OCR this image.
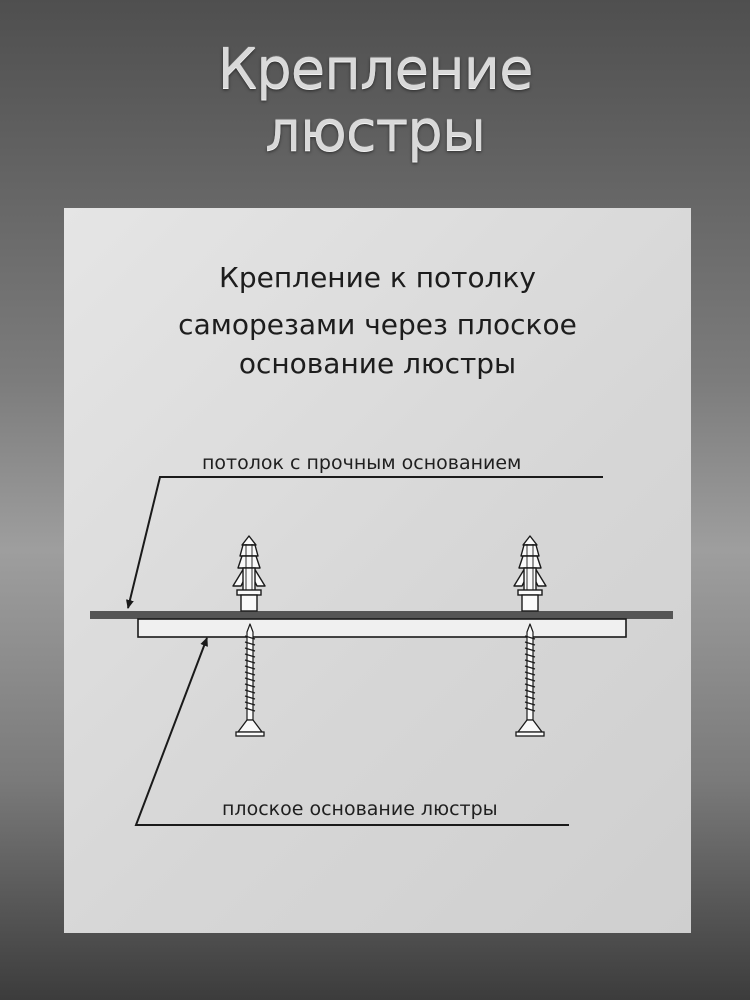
Крепление
люстры
Крепление к потолку
саморезами через плоское
основание люстры
потолок с прочным основанием
плоское основание люстры
